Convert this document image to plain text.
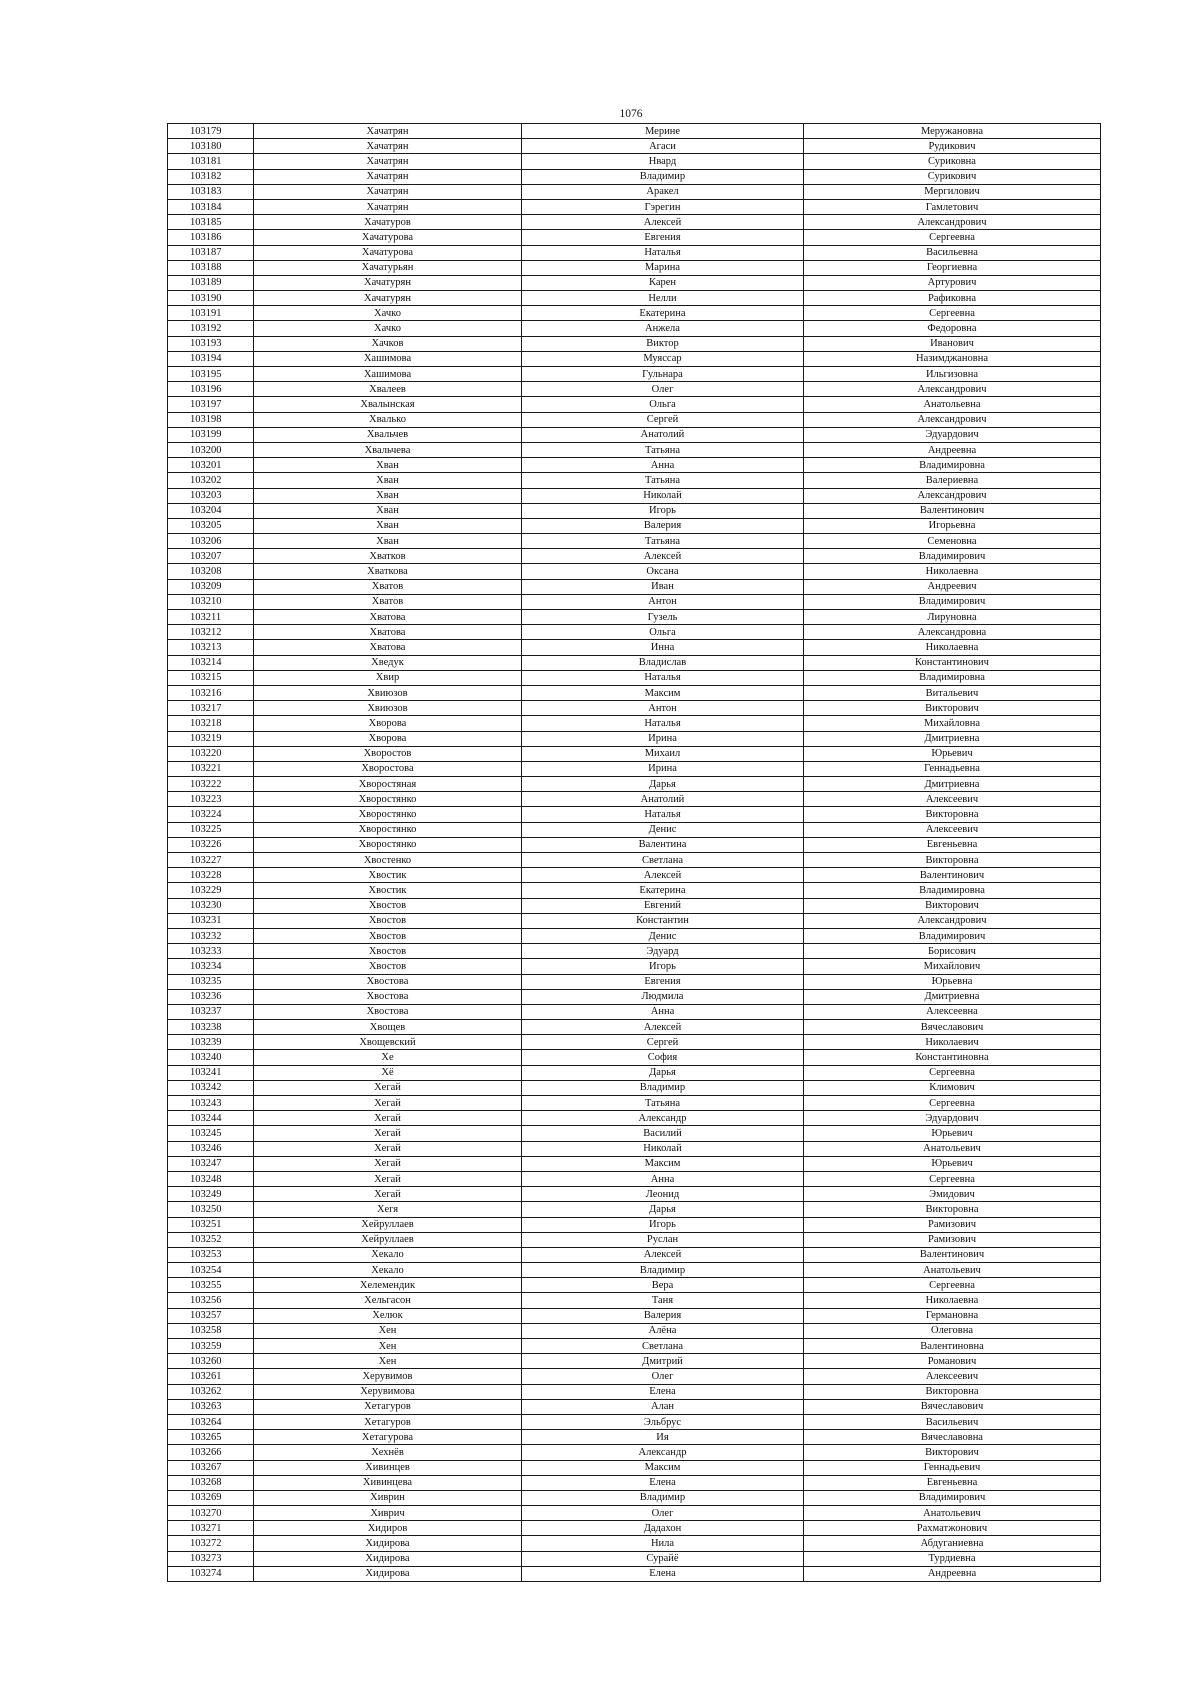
1076
103179	Хачатрян	Мерине	Меружановна
103180	Хачатрян	Агаси	Рудикович
103181	Хачатрян	Нвард	Суриковна
103182	Хачатрян	Владимир	Сурикович
103183	Хачатрян	Аракел	Мергилович
103184	Хачатрян	Гэрегин	Гамлетович
103185	Хачатуров	Алексей	Александрович
103186	Хачатурова	Евгения	Сергеевна
103187	Хачатурова	Наталья	Васильевна
103188	Хачатурьян	Марина	Георгиевна
103189	Хачатурян	Карен	Артурович
103190	Хачатурян	Нелли	Рафиковна
103191	Хачко	Екатерина	Сергеевна
103192	Хачко	Анжела	Федоровна
103193	Хачков	Виктор	Иванович
103194	Хашимова	Муяссар	Назимджановна
103195	Хашимова	Гульнара	Ильгизовна
103196	Хвалеев	Олег	Александрович
103197	Хвалынская	Ольга	Анатольевна
103198	Хвалько	Сергей	Александрович
103199	Хвальчев	Анатолий	Эдуардович
103200	Хвальчева	Татьяна	Андреевна
103201	Хван	Анна	Владимировна
103202	Хван	Татьяна	Валериевна
103203	Хван	Николай	Александрович
103204	Хван	Игорь	Валентинович
103205	Хван	Валерия	Игорьевна
103206	Хван	Татьяна	Семеновна
103207	Хватков	Алексей	Владимирович
103208	Хваткова	Оксана	Николаевна
103209	Хватов	Иван	Андреевич
103210	Хватов	Антон	Владимирович
103211	Хватова	Гузель	Лируновна
103212	Хватова	Ольга	Александровна
103213	Хватова	Инна	Николаевна
103214	Хведук	Владислав	Константинович
103215	Хвир	Наталья	Владимировна
103216	Хвиюзов	Максим	Витальевич
103217	Хвиюзов	Антон	Викторович
103218	Хворова	Наталья	Михайловна
103219	Хворова	Ирина	Дмитриевна
103220	Хворостов	Михаил	Юрьевич
103221	Хворостова	Ирина	Геннадьевна
103222	Хворостяная	Дарья	Дмитриевна
103223	Хворостянко	Анатолий	Алексеевич
103224	Хворостянко	Наталья	Викторовна
103225	Хворостянко	Денис	Алексеевич
103226	Хворостянко	Валентина	Евгеньевна
103227	Хвостенко	Светлана	Викторовна
103228	Хвостик	Алексей	Валентинович
103229	Хвостик	Екатерина	Владимировна
103230	Хвостов	Евгений	Викторович
103231	Хвостов	Константин	Александрович
103232	Хвостов	Денис	Владимирович
103233	Хвостов	Эдуард	Борисович
103234	Хвостов	Игорь	Михайлович
103235	Хвостова	Евгения	Юрьевна
103236	Хвостова	Людмила	Дмитриевна
103237	Хвостова	Анна	Алексеевна
103238	Хвощев	Алексей	Вячеславович
103239	Хвощевский	Сергей	Николаевич
103240	Хе	София	Константиновна
103241	Хё	Дарья	Сергеевна
103242	Хегай	Владимир	Климович
103243	Хегай	Татьяна	Сергеевна
103244	Хегай	Александр	Эдуардович
103245	Хегай	Василий	Юрьевич
103246	Хегай	Николай	Анатольевич
103247	Хегай	Максим	Юрьевич
103248	Хегай	Анна	Сергеевна
103249	Хегай	Леонид	Эмидович
103250	Хегя	Дарья	Викторовна
103251	Хейруллаев	Игорь	Рамизович
103252	Хейруллаев	Руслан	Рамизович
103253	Хекало	Алексей	Валентинович
103254	Хекало	Владимир	Анатольевич
103255	Хелемендик	Вера	Сергеевна
103256	Хельгасон	Таня	Николаевна
103257	Хелюк	Валерия	Германовна
103258	Хен	Алёна	Олеговна
103259	Хен	Светлана	Валентиновна
103260	Хен	Дмитрий	Романович
103261	Херувимов	Олег	Алексеевич
103262	Херувимова	Елена	Викторовна
103263	Хетагуров	Алан	Вячеславович
103264	Хетагуров	Эльбрус	Васильевич
103265	Хетагурова	Ия	Вячеславовна
103266	Хехнёв	Александр	Викторович
103267	Хивинцев	Максим	Геннадьевич
103268	Хивинцева	Елена	Евгеньевна
103269	Хиврин	Владимир	Владимирович
103270	Хиврич	Олег	Анатольевич
103271	Хидиров	Дадахон	Рахматжонович
103272	Хидирова	Нила	Абдуганиевна
103273	Хидирова	Сурайё	Турдиевна
103274	Хидирова	Елена	Андреевна
